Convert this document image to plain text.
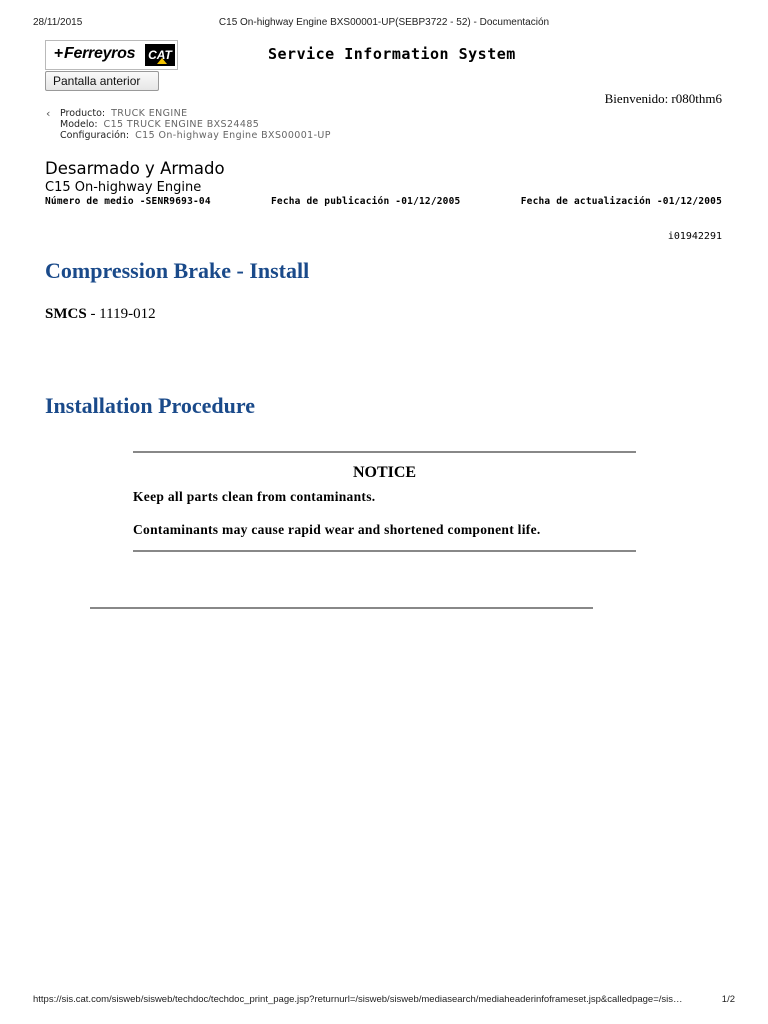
28/11/2015	C15 On-highway Engine BXS00001-UP(SEBP3722 - 52) - Documentación
+Ferreyros CAT	Service Information System
Pantalla anterior
Bienvenido: r080thm6
‹	Producto: TRUCK ENGINE
Modelo: C15 TRUCK ENGINE BXS24485
Configuración: C15 On-highway Engine BXS00001-UP
Desarmado y Armado
C15 On-highway Engine
Número de medio -SENR9693-04	Fecha de publicación -01/12/2005	Fecha de actualización -01/12/2005
i01942291
Compression Brake - Install
SMCS - 1119-012
Installation Procedure
NOTICE
Keep all parts clean from contaminants.
Contaminants may cause rapid wear and shortened component life.
https://sis.cat.com/sisweb/sisweb/techdoc/techdoc_print_page.jsp?returnurl=/sisweb/sisweb/mediasearch/mediaheaderinfoframeset.jsp&calledpage=/sis…	1/2
